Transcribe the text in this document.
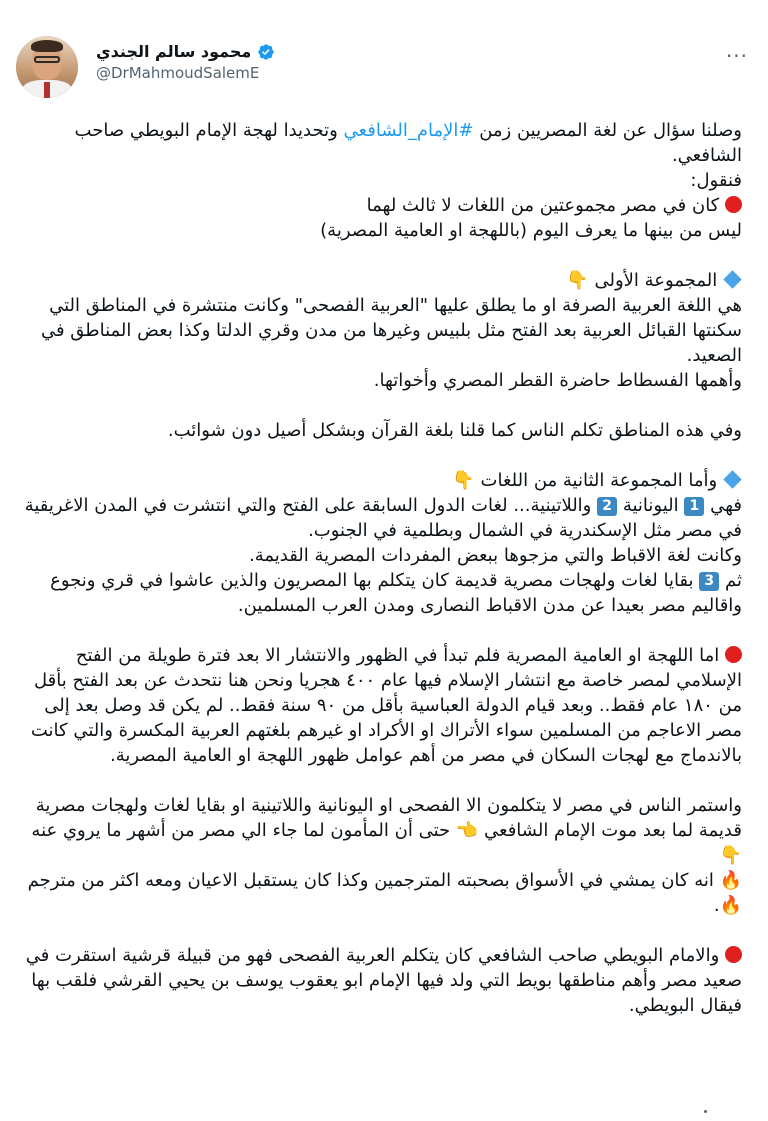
محمود سالم الجندي
@DrMahmoudSalemE
···

وصلنا سؤال عن لغة المصريين زمن #الإمام_الشافعي وتحديدا لهجة الإمام البويطي صاحب الشافعي.

فنقول:

كان في مصر مجموعتين من اللغات لا ثالث لهما

ليس من بينها ما يعرف اليوم (باللهجة او العامية المصرية)

المجموعة الأولى 👇

هي اللغة العربية الصرفة او ما يطلق عليها "العربية الفصحى" وكانت منتشرة في المناطق التي سكنتها القبائل العربية بعد الفتح مثل بلبيس وغيرها من مدن وقري الدلتا وكذا بعض المناطق في الصعيد.

وأهمها الفسطاط حاضرة القطر المصري وأخواتها.

وفي هذه المناطق تكلم الناس كما قلنا بلغة القرآن وبشكل أصيل دون شوائب.

وأما المجموعة الثانية من اللغات 👇

فهي 1 اليونانية 2 واللاتينية... لغات الدول السابقة على الفتح والتي انتشرت في المدن الاغريقية في مصر مثل الإسكندرية في الشمال وبطلمية في الجنوب.

وكانت لغة الاقباط والتي مزجوها ببعض المفردات المصرية القديمة.

ثم 3 بقايا لغات ولهجات مصرية قديمة كان يتكلم بها المصريون والذين عاشوا في قري ونجوع واقاليم مصر بعيدا عن مدن الاقباط النصارى ومدن العرب المسلمين.

اما اللهجة او العامية المصرية فلم تبدأ في الظهور والانتشار الا بعد فترة طويلة من الفتح الإسلامي لمصر خاصة مع انتشار الإسلام فيها عام ٤٠٠ هجريا ونحن هنا نتحدث عن بعد الفتح بأقل من ١٨٠ عام فقط.. وبعد قيام الدولة العباسية بأقل من ٩٠ سنة فقط.. لم يكن قد وصل بعد إلى مصر الاعاجم من المسلمين سواء الأتراك او الأكراد او غيرهم بلغتهم العربية المكسرة والتي كانت بالاندماج مع لهجات السكان في مصر من أهم عوامل ظهور اللهجة او العامية المصرية.

واستمر الناس في مصر لا يتكلمون الا الفصحى او اليونانية واللاتينية او بقايا لغات ولهجات مصرية قديمة لما بعد موت الإمام الشافعي 👈 حتى أن المأمون لما جاء الي مصر من أشهر ما يروي عنه 👇

🔥 انه كان يمشي في الأسواق بصحبته المترجمين وكذا كان يستقبل الاعيان ومعه اكثر من مترجم🔥.

والامام البويطي صاحب الشافعي كان يتكلم العربية الفصحى فهو من قبيلة قرشية استقرت في صعيد مصر وأهم مناطقها بويط التي ولد فيها الإمام ابو يعقوب يوسف بن يحيي القرشي فلقب بها فيقال البويطي.
